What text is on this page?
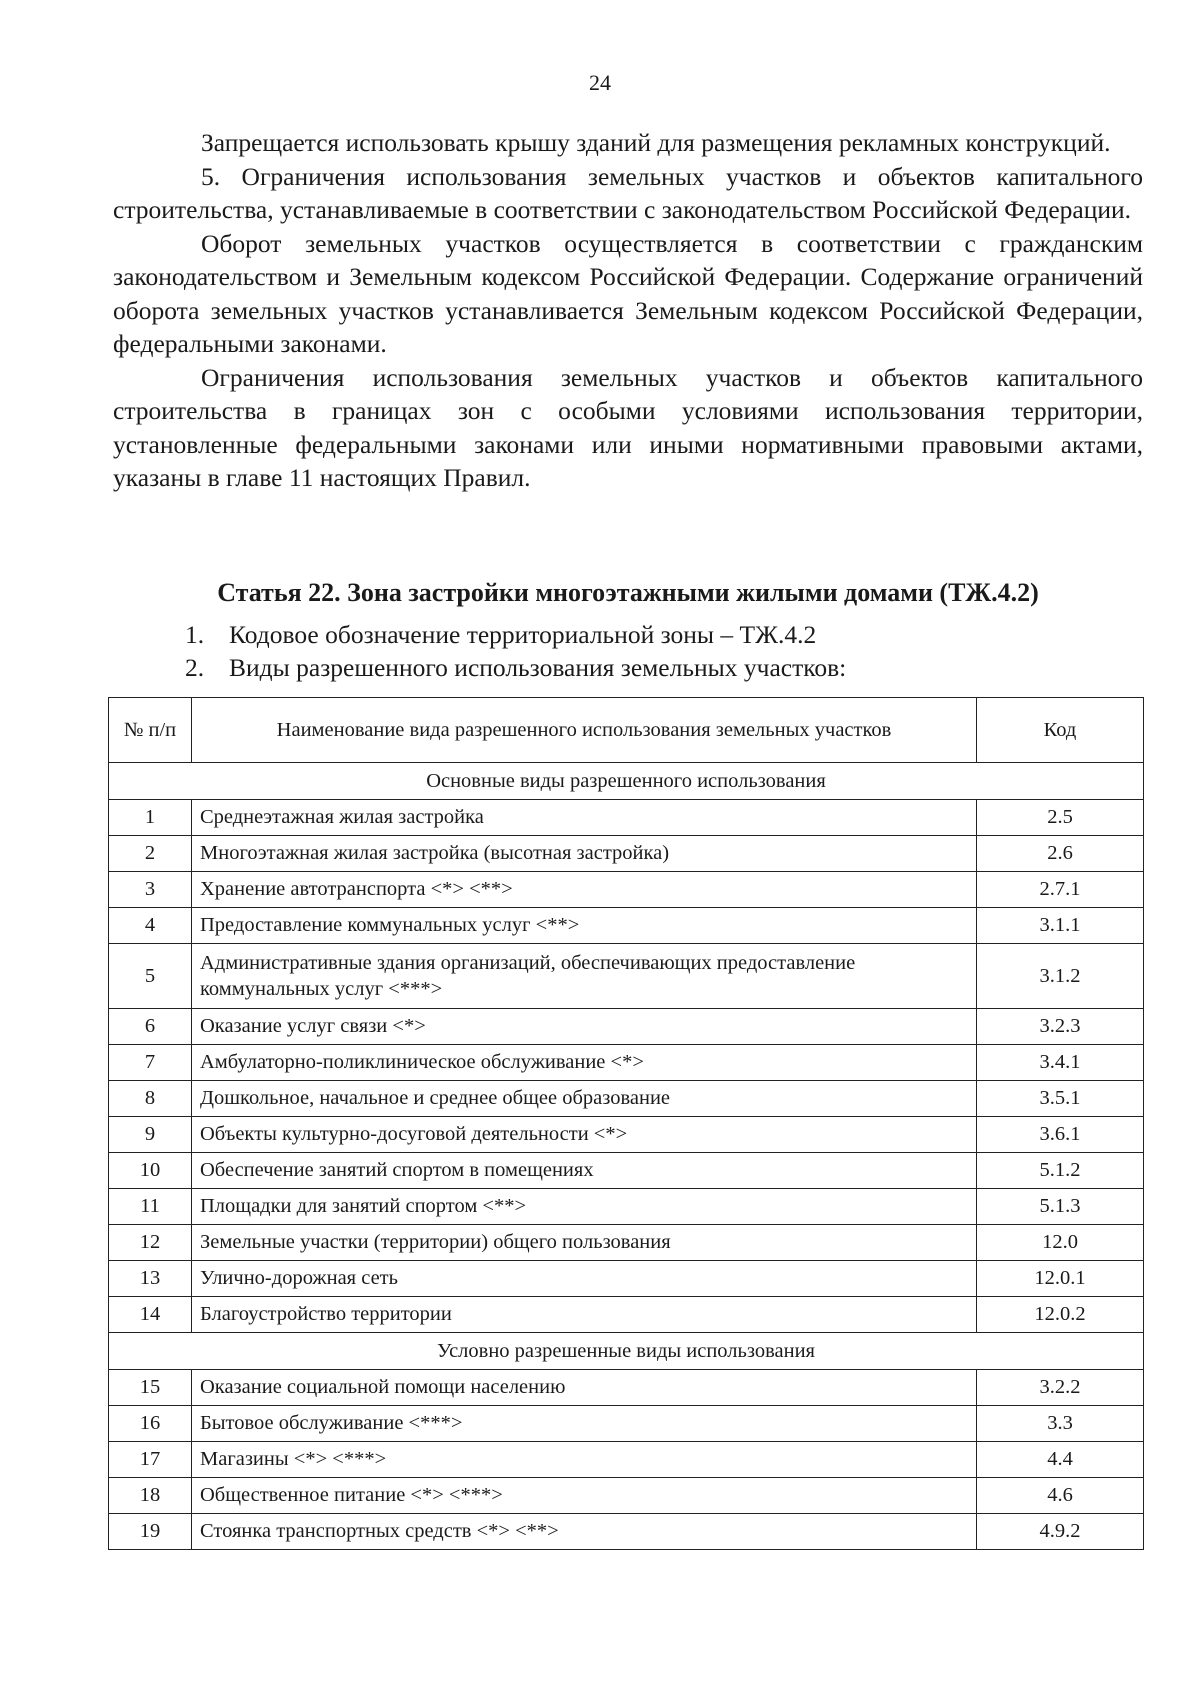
24

Запрещается использовать крышу зданий для размещения рекламных конструкций.

5. Ограничения использования земельных участков и объектов капитального строительства, устанавливаемые в соответствии с законодательством Российской Федерации.

Оборот земельных участков осуществляется в соответствии с гражданским законодательством и Земельным кодексом Российской Федерации. Содержание ограничений оборота земельных участков устанавливается Земельным кодексом Российской Федерации, федеральными законами.

Ограничения использования земельных участков и объектов капитального строительства в границах зон с особыми условиями использования территории, установленные федеральными законами или иными нормативными правовыми актами, указаны в главе 11 настоящих Правил.

Статья 22. Зона застройки многоэтажными жилыми домами (ТЖ.4.2)
1. Кодовое обозначение территориальной зоны – ТЖ.4.2
2. Виды разрешенного использования земельных участков:
№ п/п	Наименование вида разрешенного использования земельных участков	Код
Основные виды разрешенного использования		
1	Среднеэтажная жилая застройка	2.5
2	Многоэтажная жилая застройка (высотная застройка)	2.6
3	Хранение автотранспорта <*> <**>	2.7.1
4	Предоставление коммунальных услуг <**>	3.1.1
5	Административные здания организаций, обеспечивающих предоставление коммунальных услуг <***>	3.1.2
6	Оказание услуг связи <*>	3.2.3
7	Амбулаторно-поликлиническое обслуживание <*>	3.4.1
8	Дошкольное, начальное и среднее общее образование	3.5.1
9	Объекты культурно-досуговой деятельности <*>	3.6.1
10	Обеспечение занятий спортом в помещениях	5.1.2
11	Площадки для занятий спортом <**>	5.1.3
12	Земельные участки (территории) общего пользования	12.0
13	Улично-дорожная сеть	12.0.1
14	Благоустройство территории	12.0.2
Условно разрешенные виды использования		
15	Оказание социальной помощи населению	3.2.2
16	Бытовое обслуживание <***>	3.3
17	Магазины <*> <***>	4.4
18	Общественное питание <*> <***>	4.6
19	Стоянка транспортных средств <*> <**>	4.9.2
